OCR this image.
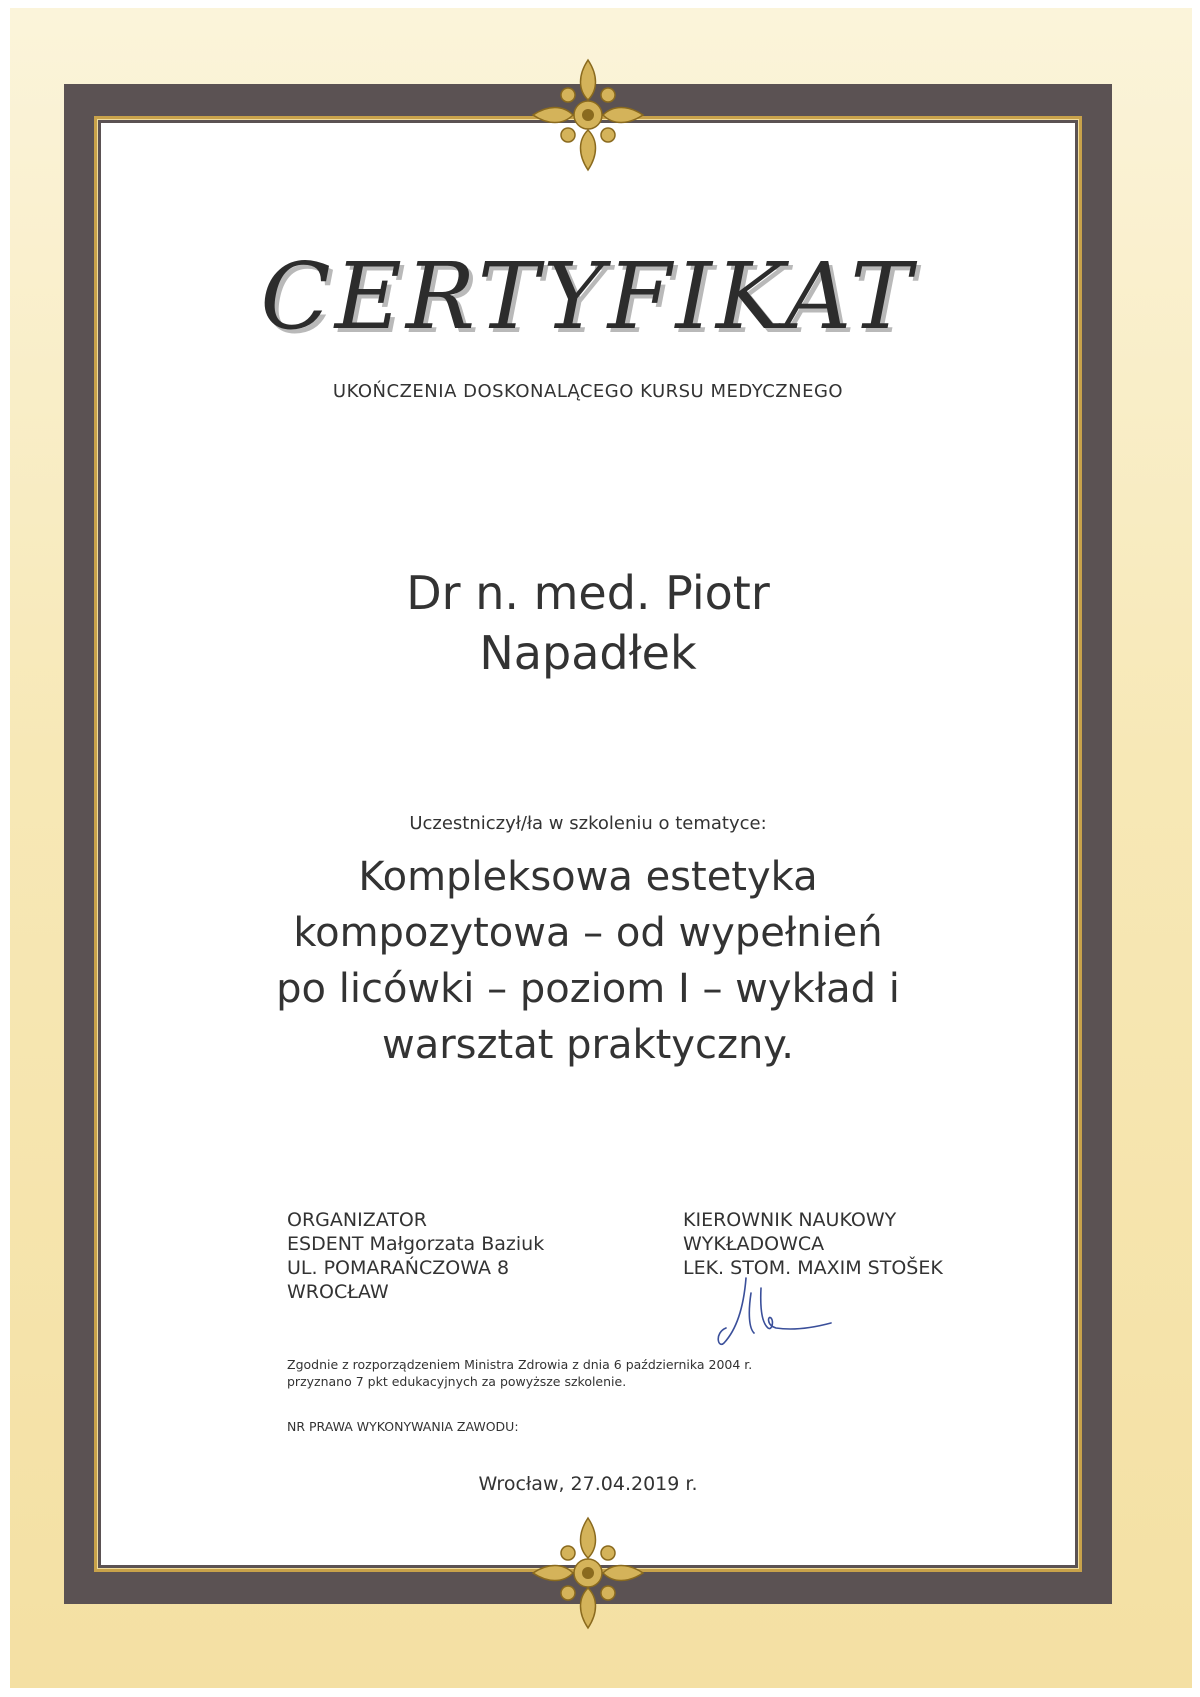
CERTYFIKAT
UKOŃCZENIA DOSKONALĄCEGO KURSU MEDYCZNEGO
Dr n. med. Piotr
Napadłek
Uczestniczył/ła w szkoleniu o tematyce:
Kompleksowa estetyka
kompozytowa – od wypełnień
po licówki – poziom I – wykład i
warsztat praktyczny.
ORGANIZATOR
ESDENT Małgorzata Baziuk
UL. POMARAŃCZOWA 8
WROCŁAW
KIEROWNIK NAUKOWY
WYKŁADOWCA
LEK. STOM. MAXIM STOŠEK
Zgodnie z rozporządzeniem Ministra Zdrowia z dnia 6 października 2004 r.
przyznano 7 pkt edukacyjnych za powyższe szkolenie.
NR PRAWA WYKONYWANIA ZAWODU:
Wrocław, 27.04.2019 r.
